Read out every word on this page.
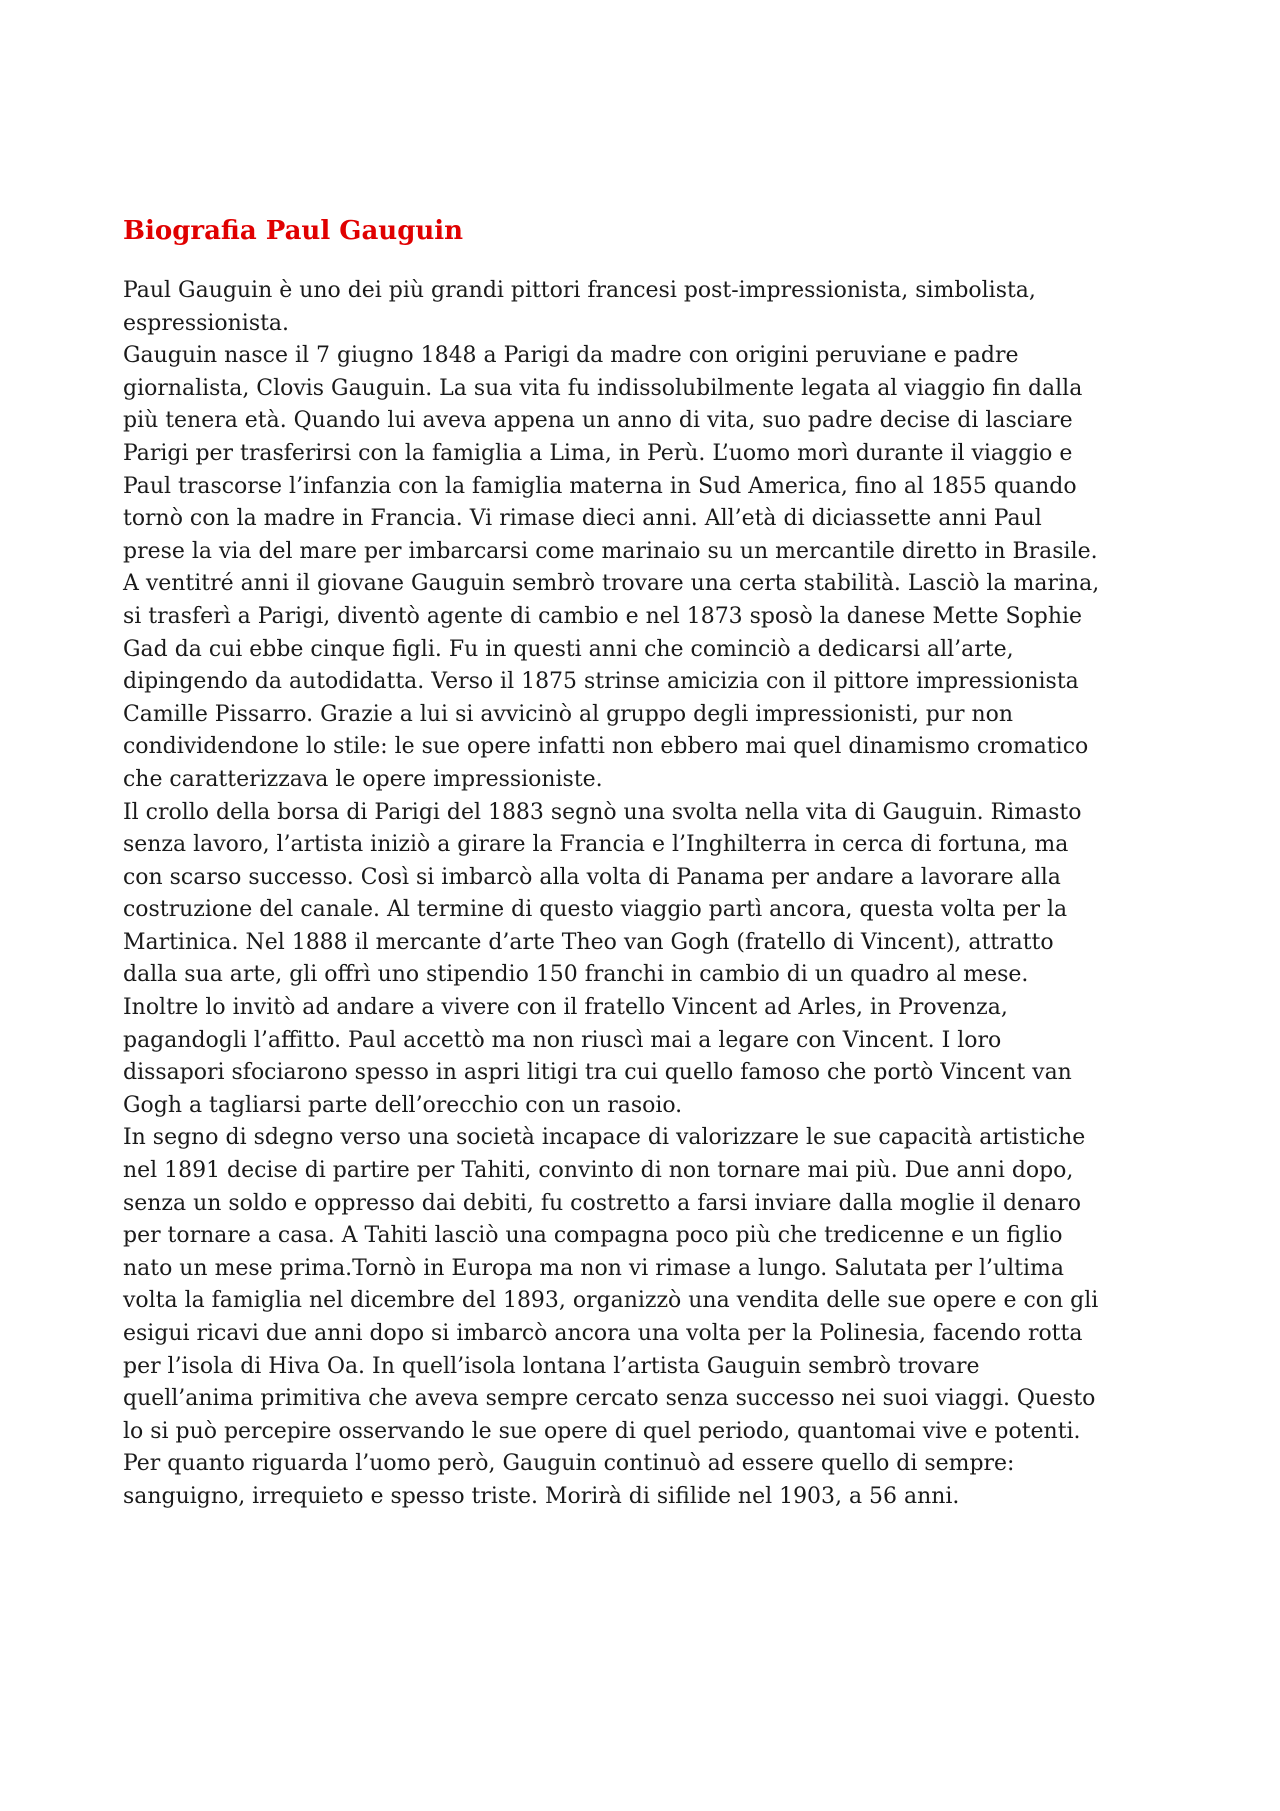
Biografia Paul Gauguin
Paul Gauguin è uno dei più grandi pittori francesi post-impressionista, simbolista,
espressionista.
Gauguin nasce il 7 giugno 1848 a Parigi da madre con origini peruviane e padre
giornalista, Clovis Gauguin. La sua vita fu indissolubilmente legata al viaggio fin dalla
più tenera età. Quando lui aveva appena un anno di vita, suo padre decise di lasciare
Parigi per trasferirsi con la famiglia a Lima, in Perù. L’uomo morì durante il viaggio e
Paul trascorse l’infanzia con la famiglia materna in Sud America, fino al 1855 quando
tornò con la madre in Francia. Vi rimase dieci anni. All’età di diciassette anni Paul
prese la via del mare per imbarcarsi come marinaio su un mercantile diretto in Brasile.
A ventitré anni il giovane Gauguin sembrò trovare una certa stabilità. Lasciò la marina,
si trasferì a Parigi, diventò agente di cambio e nel 1873 sposò la danese Mette Sophie
Gad da cui ebbe cinque figli. Fu in questi anni che cominciò a dedicarsi all’arte,
dipingendo da autodidatta. Verso il 1875 strinse amicizia con il pittore impressionista
Camille Pissarro. Grazie a lui si avvicinò al gruppo degli impressionisti, pur non
condividendone lo stile: le sue opere infatti non ebbero mai quel dinamismo cromatico
che caratterizzava le opere impressioniste.
Il crollo della borsa di Parigi del 1883 segnò una svolta nella vita di Gauguin. Rimasto
senza lavoro, l’artista iniziò a girare la Francia e l’Inghilterra in cerca di fortuna, ma
con scarso successo. Così si imbarcò alla volta di Panama per andare a lavorare alla
costruzione del canale. Al termine di questo viaggio partì ancora, questa volta per la
Martinica. Nel 1888 il mercante d’arte Theo van Gogh (fratello di Vincent), attratto
dalla sua arte, gli offrì uno stipendio 150 franchi in cambio di un quadro al mese.
Inoltre lo invitò ad andare a vivere con il fratello Vincent ad Arles, in Provenza,
pagandogli l’affitto. Paul accettò ma non riuscì mai a legare con Vincent. I loro
dissapori sfociarono spesso in aspri litigi tra cui quello famoso che portò Vincent van
Gogh a tagliarsi parte dell’orecchio con un rasoio.
In segno di sdegno verso una società incapace di valorizzare le sue capacità artistiche
nel 1891 decise di partire per Tahiti, convinto di non tornare mai più. Due anni dopo,
senza un soldo e oppresso dai debiti, fu costretto a farsi inviare dalla moglie il denaro
per tornare a casa. A Tahiti lasciò una compagna poco più che tredicenne e un figlio
nato un mese prima.Tornò in Europa ma non vi rimase a lungo. Salutata per l’ultima
volta la famiglia nel dicembre del 1893, organizzò una vendita delle sue opere e con gli
esigui ricavi due anni dopo si imbarcò ancora una volta per la Polinesia, facendo rotta
per l’isola di Hiva Oa. In quell’isola lontana l’artista Gauguin sembrò trovare
quell’anima primitiva che aveva sempre cercato senza successo nei suoi viaggi. Questo
lo si può percepire osservando le sue opere di quel periodo, quantomai vive e potenti.
Per quanto riguarda l’uomo però, Gauguin continuò ad essere quello di sempre:
sanguigno, irrequieto e spesso triste. Morirà di sifilide nel 1903, a 56 anni.
